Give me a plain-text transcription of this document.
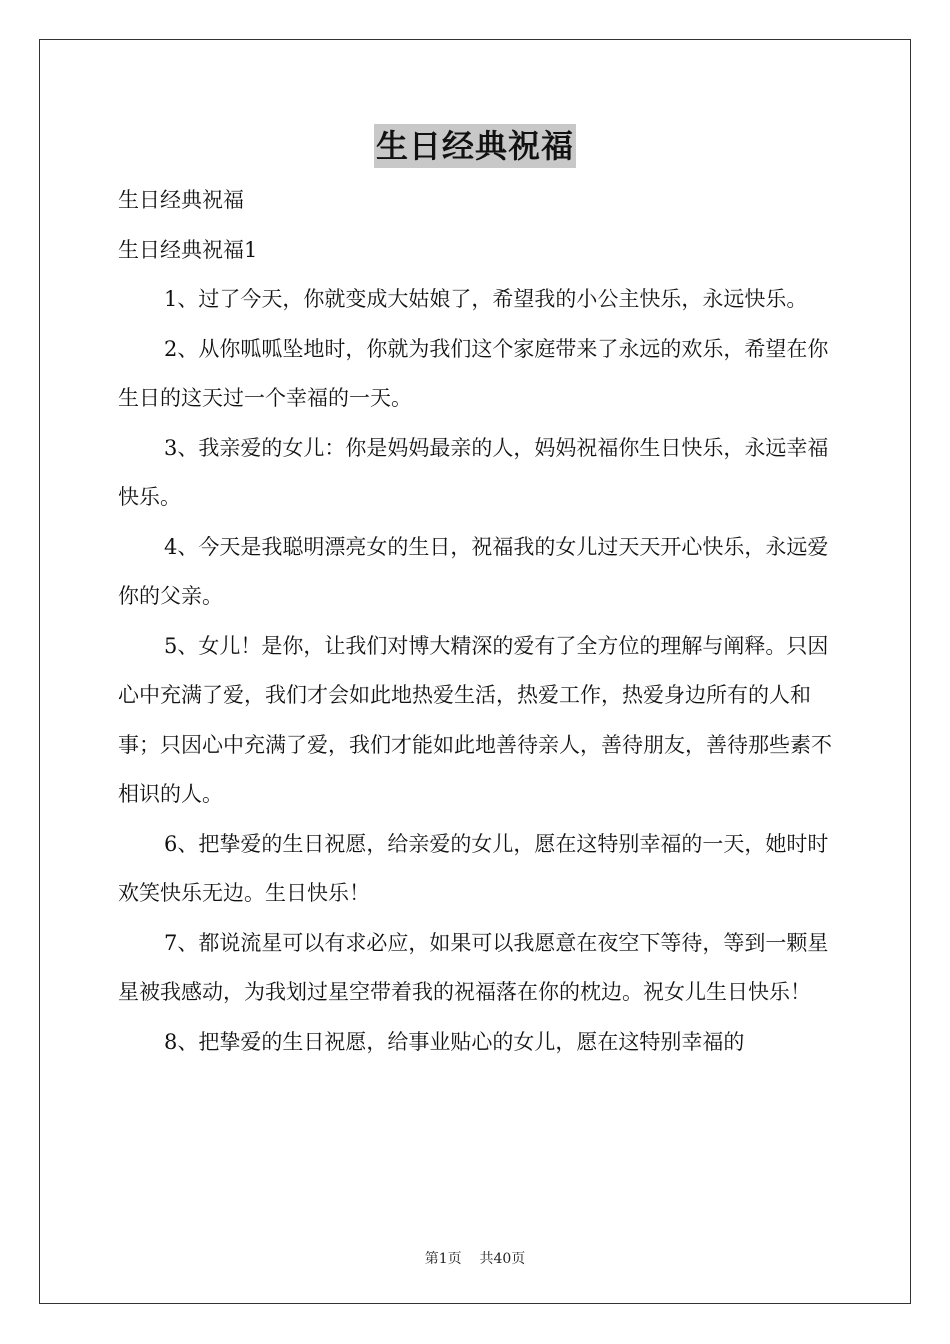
生日经典祝福

生日经典祝福

生日经典祝福1

1、过了今天，你就变成大姑娘了，希望我的小公主快乐，永远快乐。

2、从你呱呱坠地时，你就为我们这个家庭带来了永远的欢乐，希望在你生日的这天过一个幸福的一天。

3、我亲爱的女儿：你是妈妈最亲的人，妈妈祝福你生日快乐，永远幸福快乐。

4、今天是我聪明漂亮女的生日，祝福我的女儿过天天开心快乐，永远爱你的父亲。

5、女儿！是你，让我们对博大精深的爱有了全方位的理解与阐释。只因心中充满了爱，我们才会如此地热爱生活，热爱工作，热爱身边所有的人和事；只因心中充满了爱，我们才能如此地善待亲人，善待朋友，善待那些素不相识的人。

6、把挚爱的生日祝愿，给亲爱的女儿，愿在这特别幸福的一天，她时时欢笑快乐无边。生日快乐！

7、都说流星可以有求必应，如果可以我愿意在夜空下等待，等到一颗星星被我感动，为我划过星空带着我的祝福落在你的枕边。祝女儿生日快乐！

8、把挚爱的生日祝愿，给事业贴心的女儿，愿在这特别幸福的

第1页 共40页
